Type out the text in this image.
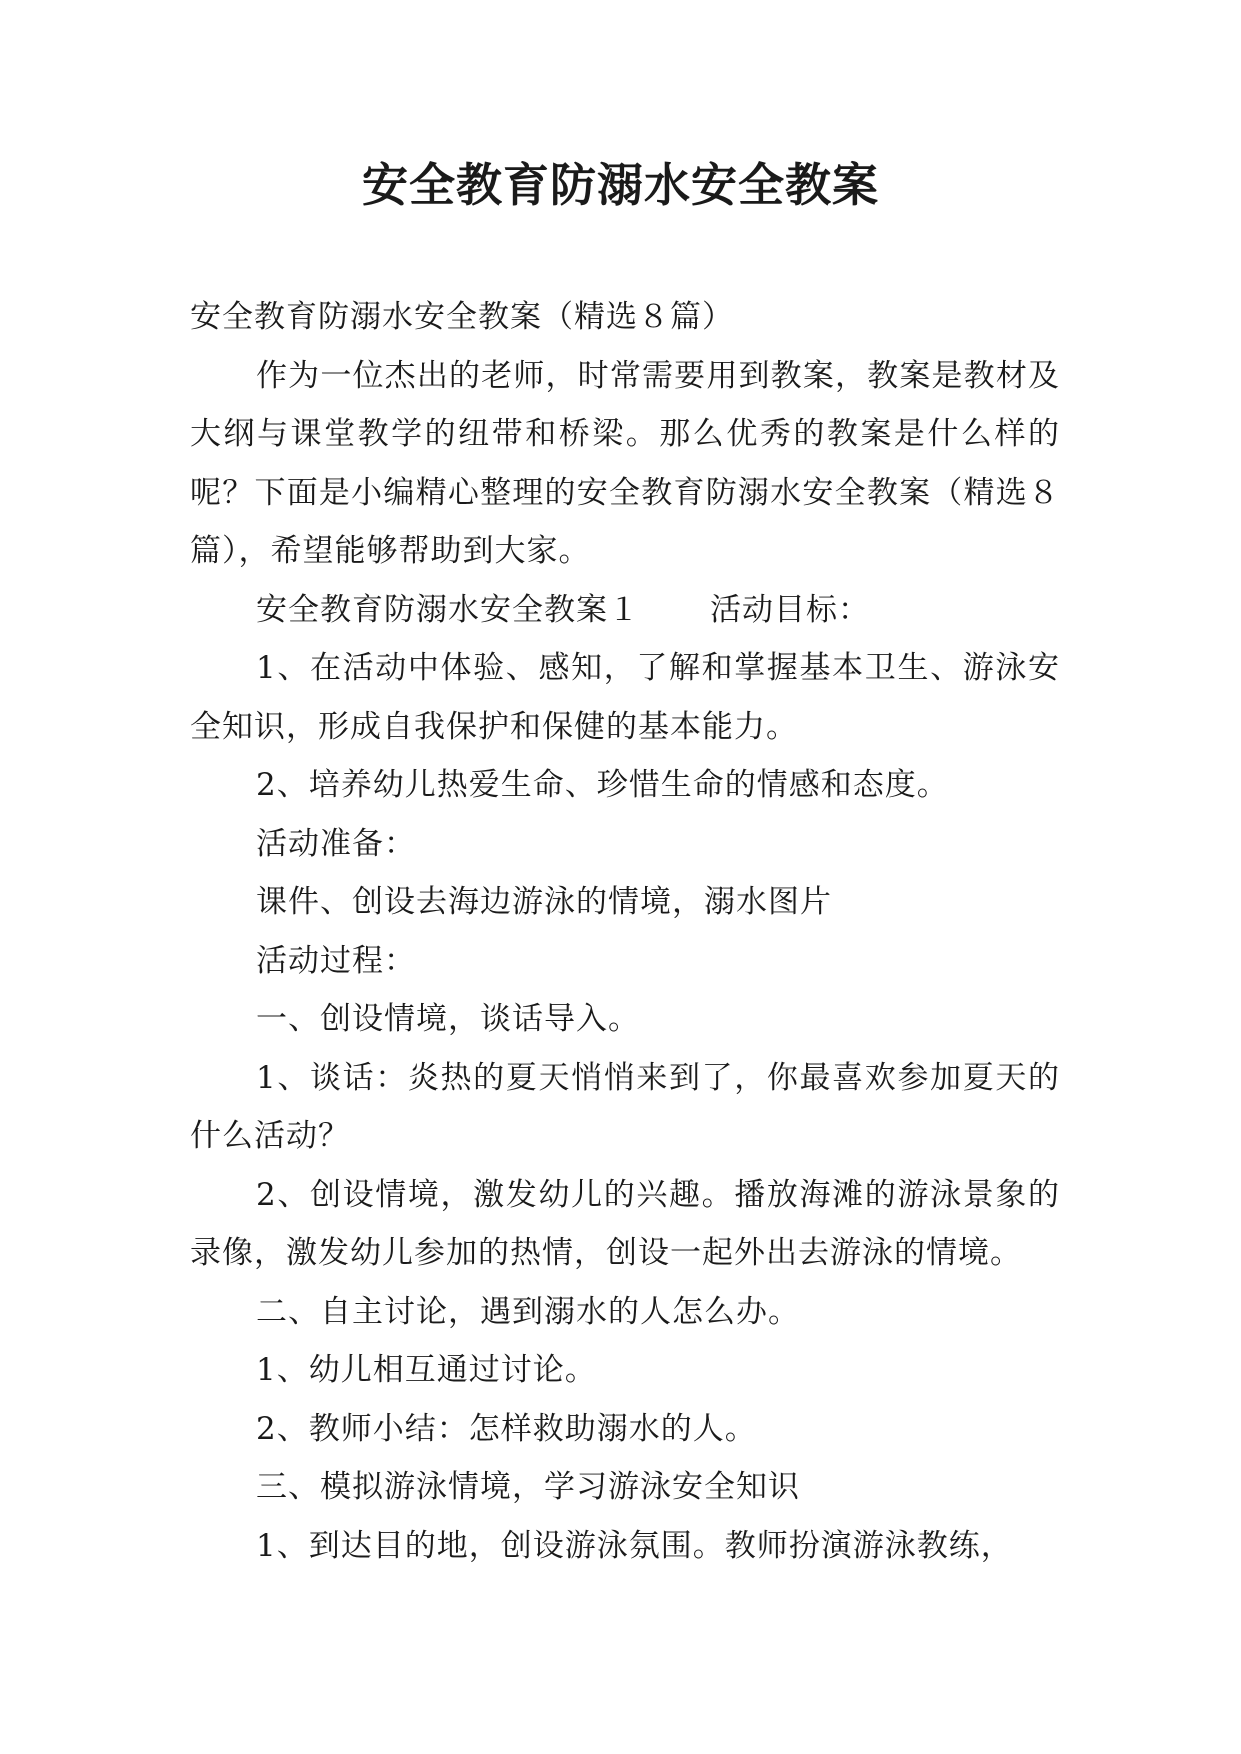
安全教育防溺水安全教案

安全教育防溺水安全教案（精选８篇）

作为一位杰出的老师，时常需要用到教案，教案是教材及大纲与课堂教学的纽带和桥梁。那么优秀的教案是什么样的呢？下面是小编精心整理的安全教育防溺水安全教案（精选８篇），希望能够帮助到大家。

安全教育防溺水安全教案１ 活动目标：

1、在活动中体验、感知，了解和掌握基本卫生、游泳安全知识，形成自我保护和保健的基本能力。

2、培养幼儿热爱生命、珍惜生命的情感和态度。

活动准备：

课件、创设去海边游泳的情境，溺水图片

活动过程：

一、创设情境，谈话导入。

1、谈话：炎热的夏天悄悄来到了，你最喜欢参加夏天的什么活动？

2、创设情境，激发幼儿的兴趣。播放海滩的游泳景象的录像，激发幼儿参加的热情，创设一起外出去游泳的情境。

二、自主讨论，遇到溺水的人怎么办。

1、幼儿相互通过讨论。

2、教师小结：怎样救助溺水的人。

三、模拟游泳情境，学习游泳安全知识

1、到达目的地，创设游泳氛围。教师扮演游泳教练，
